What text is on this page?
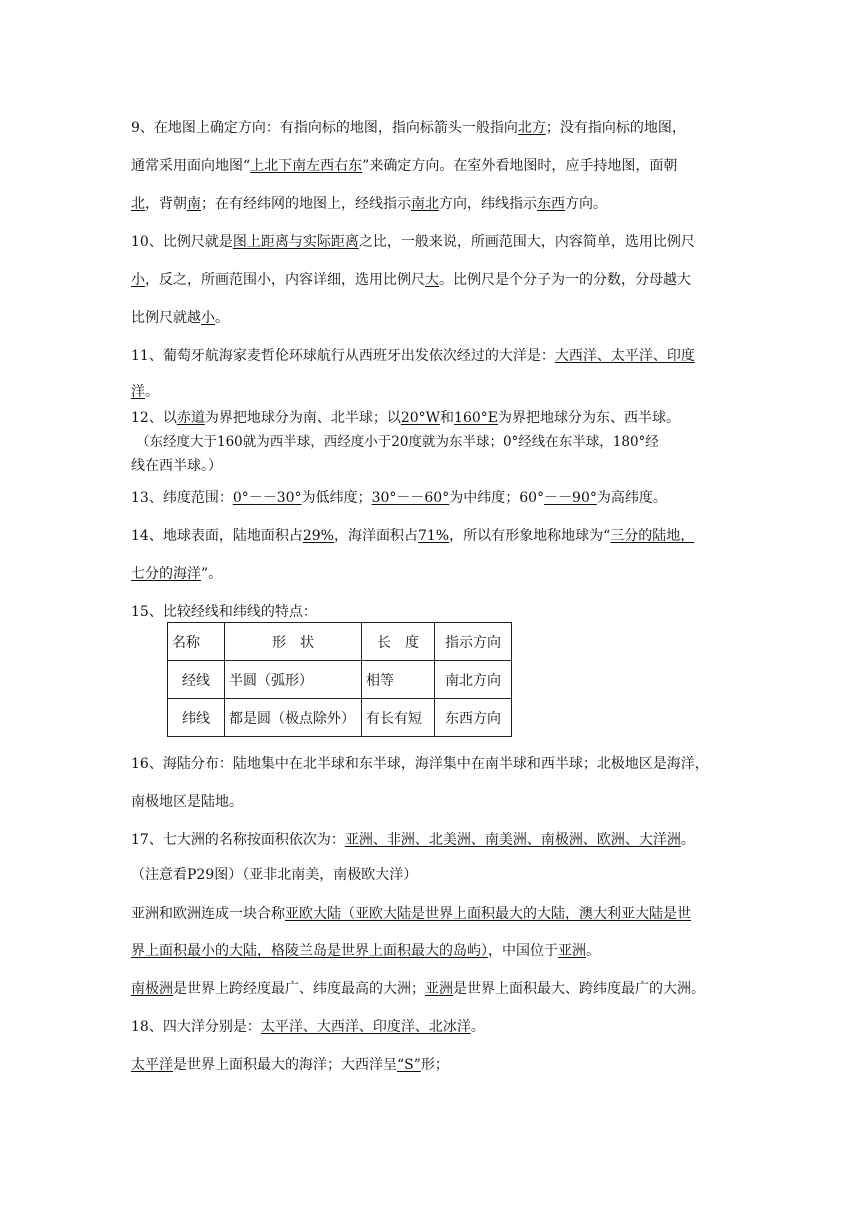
9、在地图上确定方向：有指向标的地图，指向标箭头一般指向北方；没有指向标的地图，
通常采用面向地图“上北下南左西右东”来确定方向。在室外看地图时，应手持地图，面朝
北，背朝南；在有经纬网的地图上，经线指示南北方向，纬线指示东西方向。
10、比例尺就是图上距离与实际距离之比，一般来说，所画范围大，内容简单，选用比例尺
小，反之，所画范围小，内容详细，选用比例尺大。比例尺是个分子为一的分数，分母越大
比例尺就越小。
11、葡萄牙航海家麦哲伦环球航行从西班牙出发依次经过的大洋是：大西洋、太平洋、印度
洋。
12、以赤道为界把地球分为南、北半球；以20°W和160°E为界把地球分为东、西半球。
（东经度大于160就为西半球，西经度小于20度就为东半球；0°经线在东半球，180°经
线在西半球。）
13、纬度范围：0°－－30°为低纬度；30°－－60°为中纬度；60°－－90°为高纬度。
14、地球表面，陆地面积占29%，海洋面积占71%，所以有形象地称地球为“三分的陆地，
七分的海洋”。
15、比较经线和纬线的特点：
名称	形　状	长　度	指示方向
经线	半圆（弧形）	相等	南北方向
纬线	都是圆（极点除外）	有长有短	东西方向
16、海陆分布：陆地集中在北半球和东半球，海洋集中在南半球和西半球；北极地区是海洋，
南极地区是陆地。
17、七大洲的名称按面积依次为：亚洲、非洲、北美洲、南美洲、南极洲、欧洲、大洋洲。
（注意看P29图）（亚非北南美，南极欧大洋）
亚洲和欧洲连成一块合称亚欧大陆（亚欧大陆是世界上面积最大的大陆，澳大利亚大陆是世
界上面积最小的大陆，格陵兰岛是世界上面积最大的岛屿），中国位于亚洲。
南极洲是世界上跨经度最广、纬度最高的大洲；亚洲是世界上面积最大、跨纬度最广的大洲。
18、四大洋分别是：太平洋、大西洋、印度洋、北冰洋。
太平洋是世界上面积最大的海洋；大西洋呈“S”形；
